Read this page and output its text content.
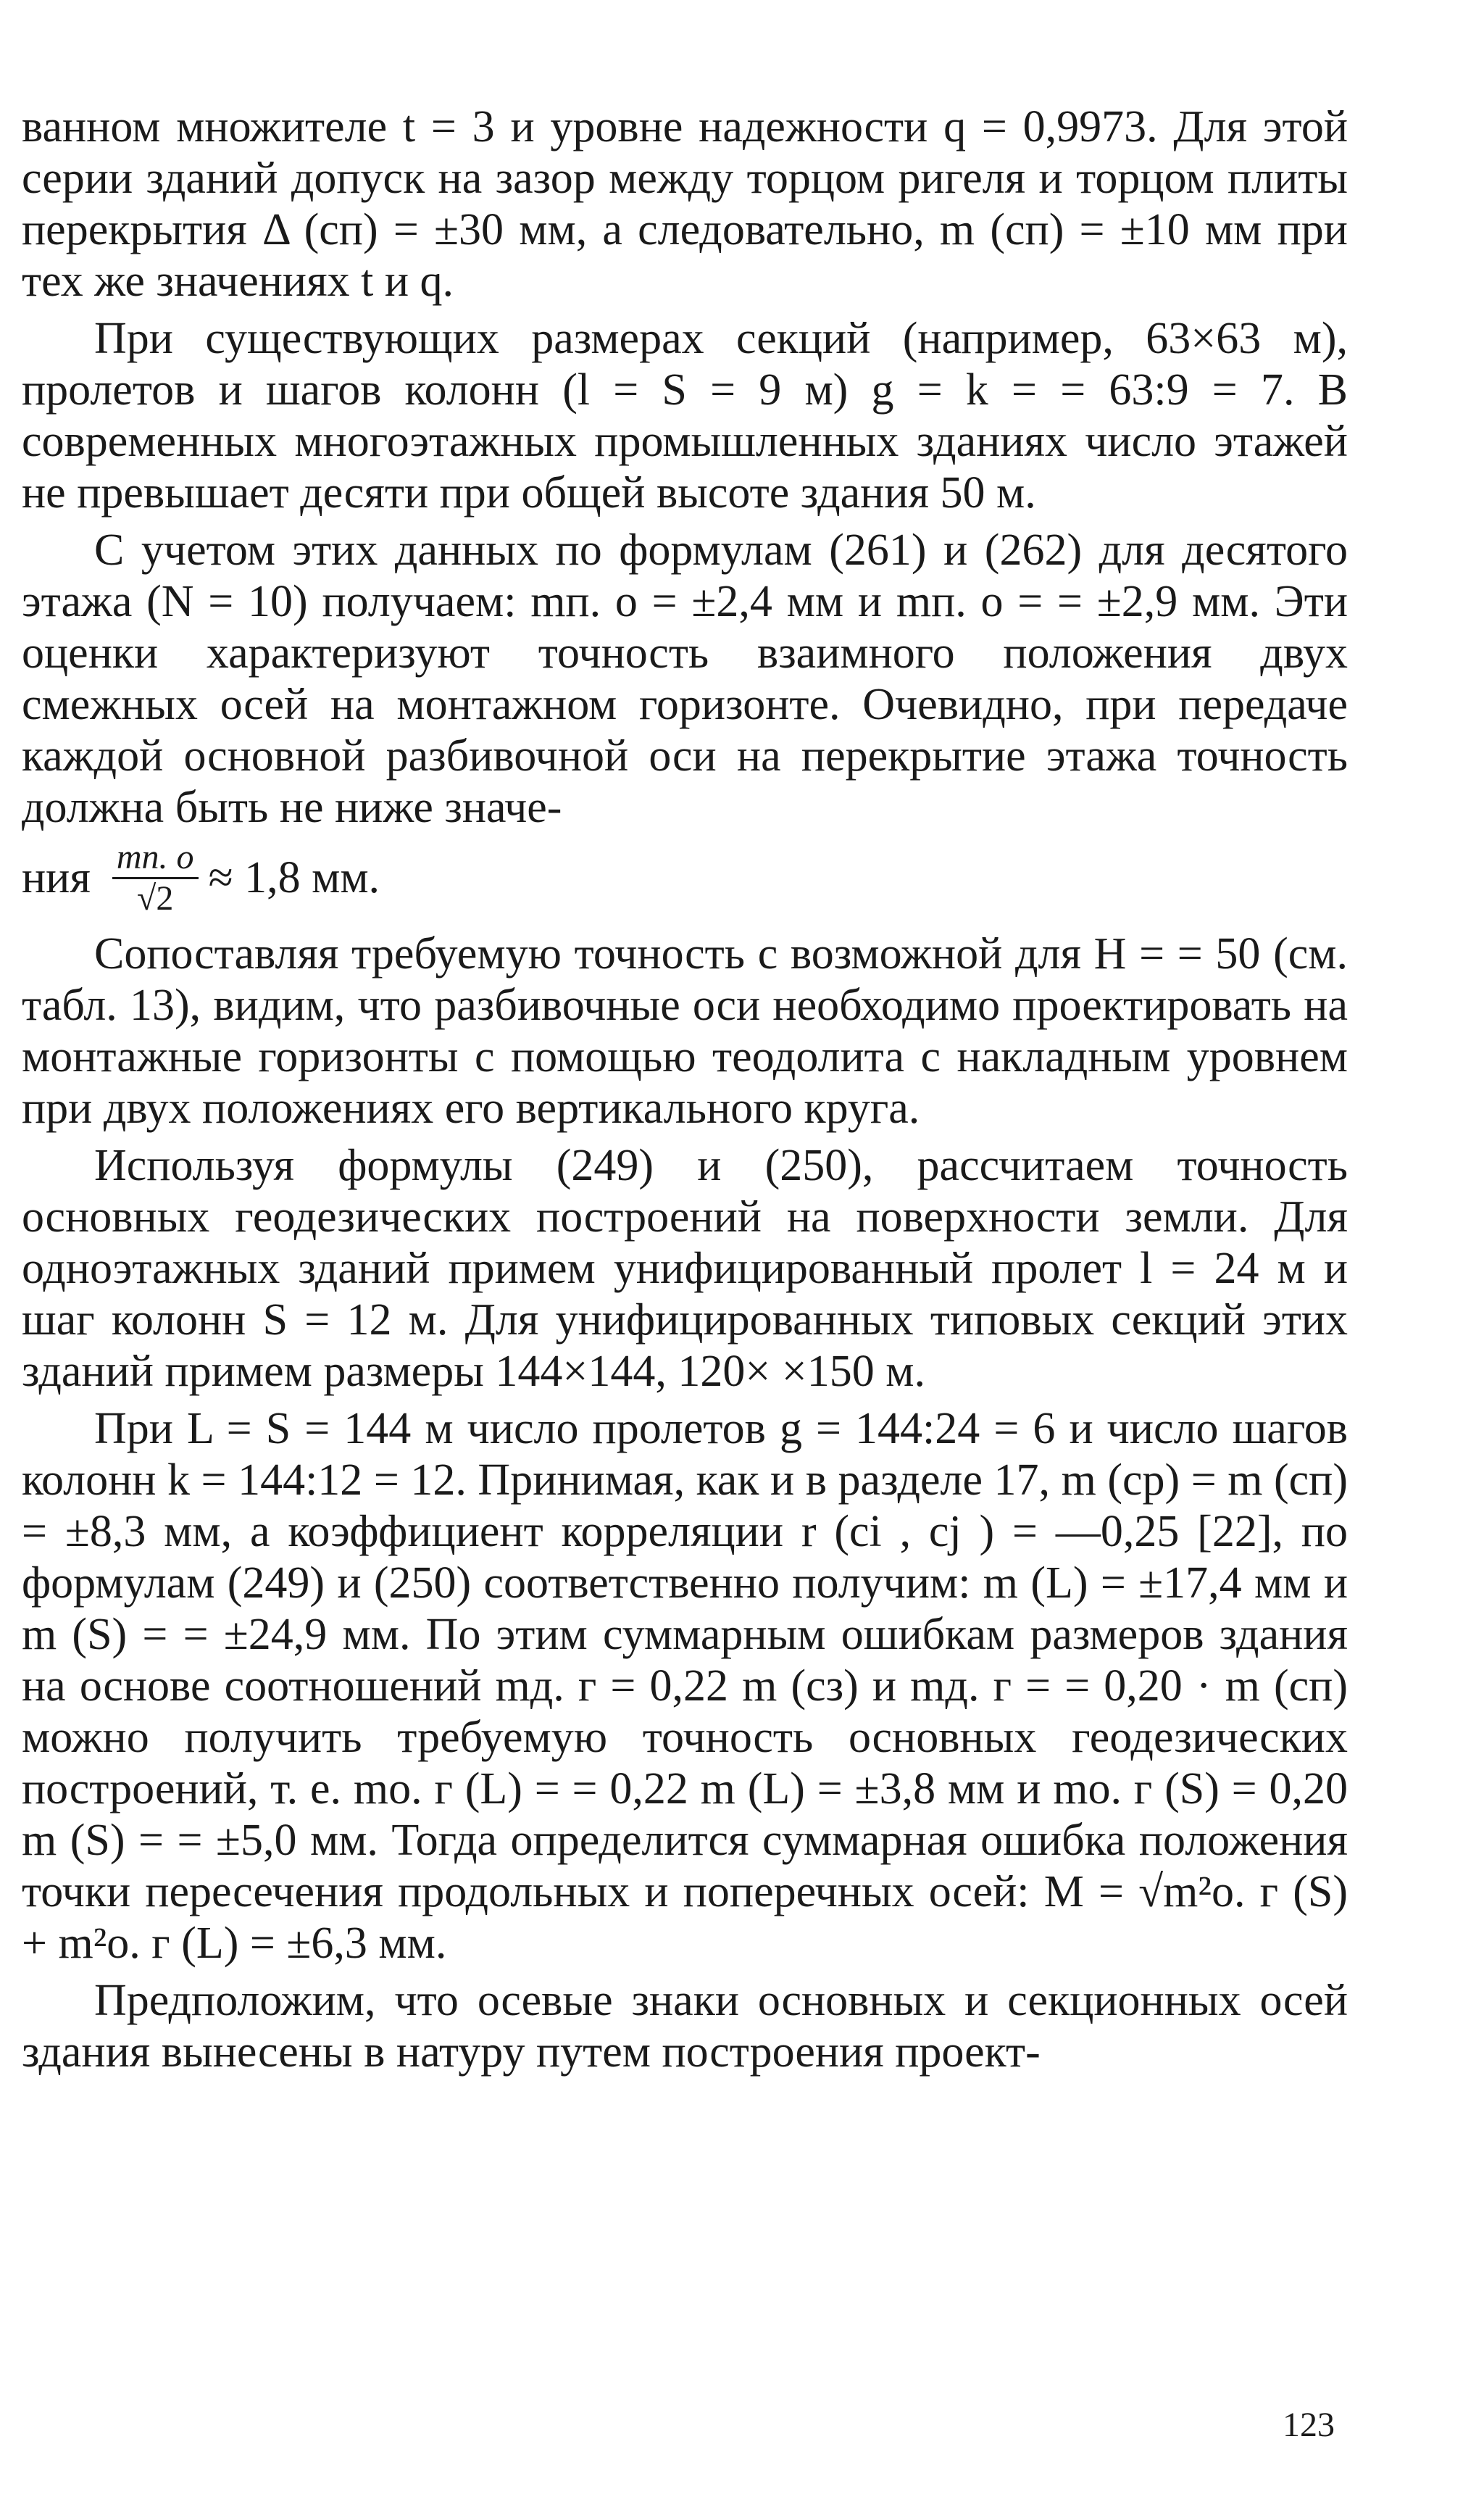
ванном множителе t = 3 и уровне надежности q = 0,9973. Для этой серии зданий допуск на зазор между торцом ригеля и торцом плиты перекрытия Δ (cп) = ±30 мм, а следовательно, m (cп) = ±10 мм при тех же значениях t и q.

При существующих размерах секций (например, 63×63 м), пролетов и шагов колонн (l = S = 9 м) g = k = = 63:9 = 7. В современных многоэтажных промышленных зданиях число этажей не превышает десяти при общей высоте здания 50 м.

С учетом этих данных по формулам (261) и (262) для десятого этажа (N = 10) получаем: mп. о = ±2,4 мм и mп. о = = ±2,9 мм. Эти оценки характеризуют точность взаимного положения двух смежных осей на монтажном горизонте. Очевидно, при передаче каждой основной разбивочной оси на перекрытие этажа точность должна быть не ниже значе-

ния $\frac{mп. о}{√2} \approx 1,8$ мм.

Сопоставляя требуемую точность с возможной для H = = 50 (см. табл. 13), видим, что разбивочные оси необходимо проектировать на монтажные горизонты с помощью теодолита с накладным уровнем при двух положениях его вертикального круга.

Используя формулы (249) и (250), рассчитаем точность основных геодезических построений на поверхности земли. Для одноэтажных зданий примем унифицированный пролет l = 24 м и шаг колонн S = 12 м. Для унифицированных типовых секций этих зданий примем размеры 144×144, 120× ×150 м.

При L = S = 144 м число пролетов g = 144:24 = 6 и число шагов колонн k = 144:12 = 12. Принимая, как и в разделе 17, m (cp) = m (cп) = ±8,3 мм, а коэффициент корреляции r (ci , cj ) = —0,25 [22], по формулам (249) и (250) соответственно получим: m (L) = ±17,4 мм и m (S) = = ±24,9 мм. По этим суммарным ошибкам размеров здания на основе соотношений mд. г = 0,22 m (cз) и mд. г = = 0,20 · m (cп) можно получить требуемую точность основных геодезических построений, т. е. mо. г (L) = = 0,22 m (L) = ±3,8 мм и mо. г (S) = 0,20 m (S) = = ±5,0 мм. Тогда определится суммарная ошибка положения точки пересечения продольных и поперечных осей: M = √m²о. г (S) + m²о. г (L) = ±6,3 мм.

Предположим, что осевые знаки основных и секционных осей здания вынесены в натуру путем построения проект-

123
